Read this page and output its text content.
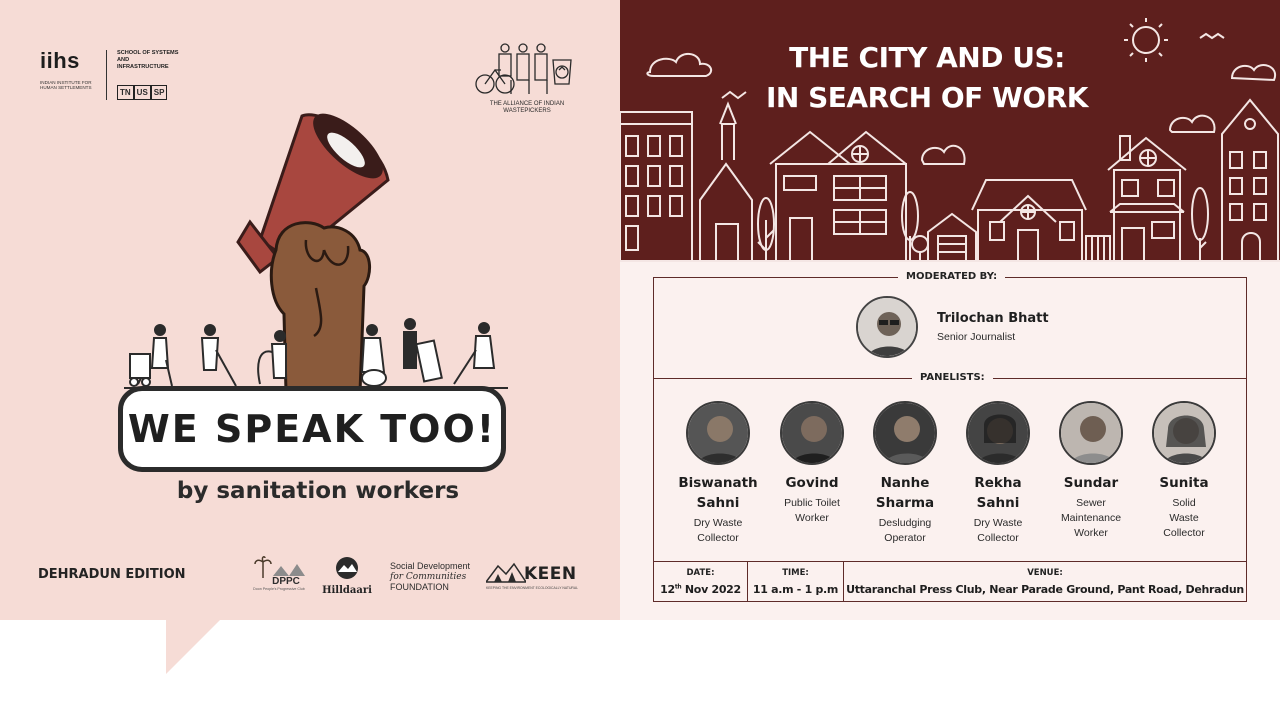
iihs
INDIAN INSTITUTE FOR HUMAN SETTLEMENTS
SCHOOL OF SYSTEMS AND INFRASTRUCTURE
TN US SP
THE ALLIANCE OF INDIAN WASTEPICKERS
WE SPEAK TOO!
by sanitation workers
DEHRADUN EDITION	DPPC
Doon People's Progressive Club Hilldaari
Social Development
for Communities
FOUNDATION
KEEN
KEEPING THE ENVIRONMENT ECOLOGICALLY NATURAL
THE CITY AND US:
IN SEARCH OF WORK
MODERATED BY:
Trilochan Bhatt
Senior Journalist
PANELISTS:
Biswanath
Sahni
Dry Waste
Collector
Govind
Public Toilet
Worker
Nanhe
Sharma
Desludging
Operator
Rekha
Sahni
Dry Waste
Collector
Sundar
Sewer
Maintenance
Worker
Sunita
Solid
Waste
Collector
DATE:
12th Nov 2022
TIME:
11 a.m - 1 p.m
VENUE:
Uttaranchal Press Club, Near Parade Ground, Pant Road, Dehradun
